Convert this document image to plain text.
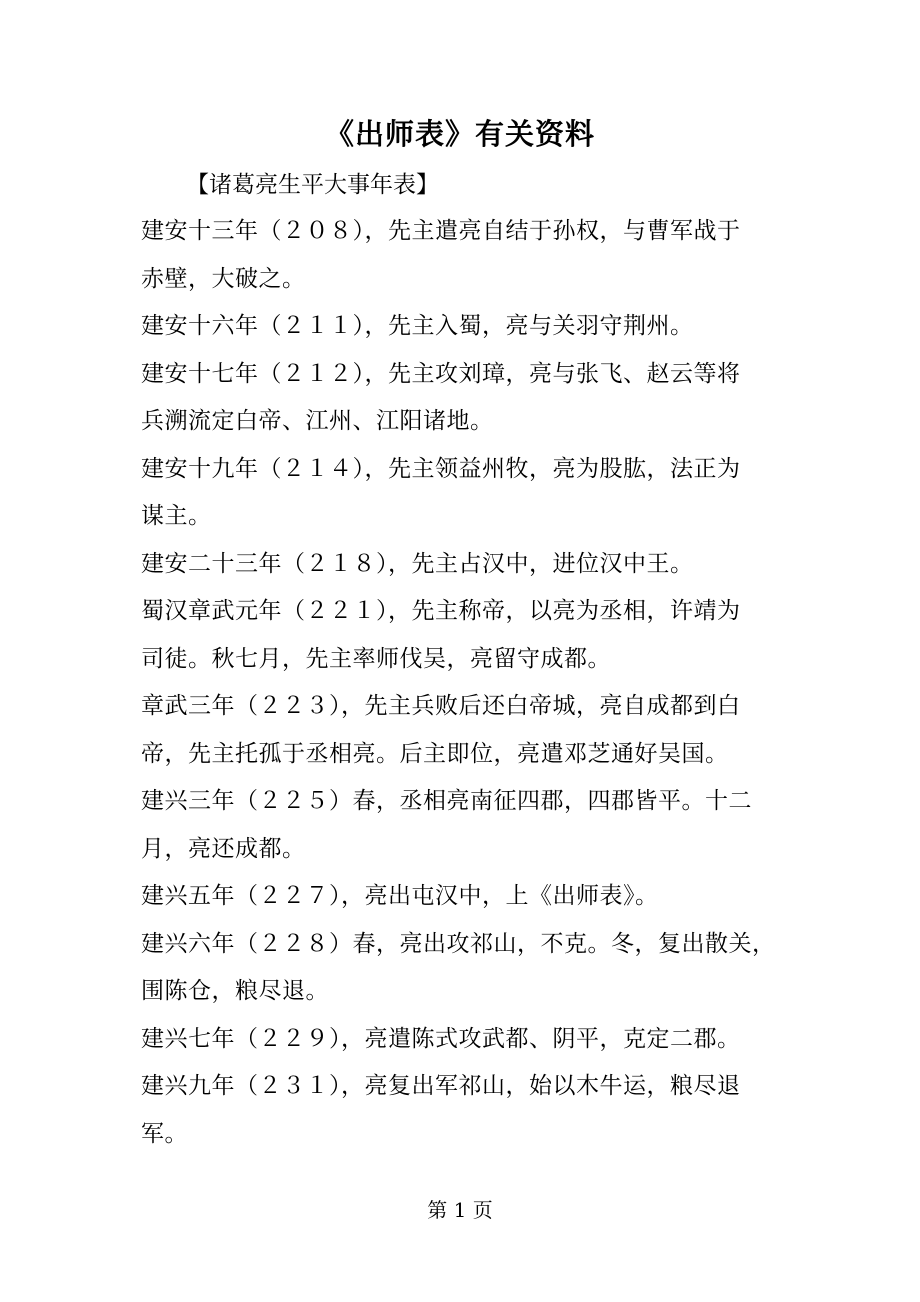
《出师表》有关资料
【诸葛亮生平大事年表】
建安十三年（２０８），先主遣亮自结于孙权，与曹军战于
赤壁，大破之。
建安十六年（２１１），先主入蜀，亮与关羽守荆州。
建安十七年（２１２），先主攻刘璋，亮与张飞、赵云等将
兵溯流定白帝、江州、江阳诸地。
建安十九年（２１４），先主领益州牧，亮为股肱，法正为
谋主。
建安二十三年（２１８），先主占汉中，进位汉中王。
蜀汉章武元年（２２１），先主称帝，以亮为丞相，许靖为
司徒。秋七月，先主率师伐吴，亮留守成都。
章武三年（２２３），先主兵败后还白帝城，亮自成都到白
帝，先主托孤于丞相亮。后主即位，亮遣邓芝通好吴国。
建兴三年（２２５）春，丞相亮南征四郡，四郡皆平。十二
月，亮还成都。
建兴五年（２２７），亮出屯汉中，上《出师表》。
建兴六年（２２８）春，亮出攻祁山，不克。冬，复出散关，
围陈仓，粮尽退。
建兴七年（２２９），亮遣陈式攻武都、阴平，克定二郡。
建兴九年（２３１），亮复出军祁山，始以木牛运，粮尽退
军。
第 1 页
